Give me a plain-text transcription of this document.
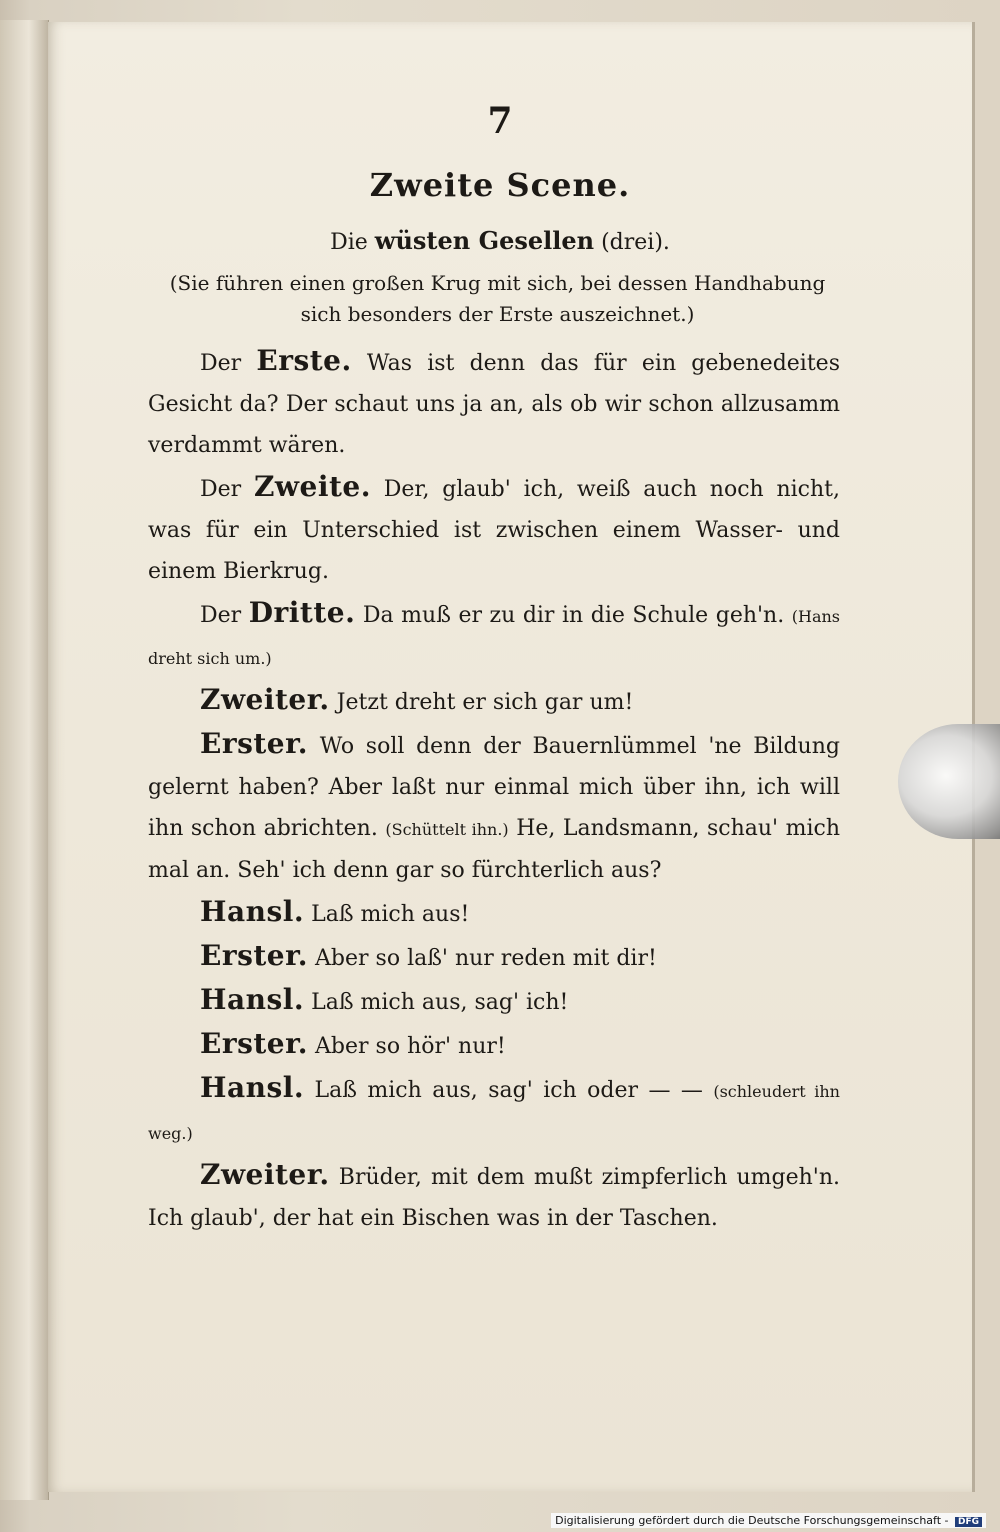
7
Zweite Scene.
Die wüsten Gesellen (drei).
(Sie führen einen großen Krug mit sich, bei dessen Handhabung sich besonders der Erste auszeichnet.)

Der Erste. Was ist denn das für ein gebenedeites Gesicht da? Der schaut uns ja an, als ob wir schon allzusamm verdammt wären.

Der Zweite. Der, glaub' ich, weiß auch noch nicht, was für ein Unterschied ist zwischen einem Wasser- und einem Bierkrug.

Der Dritte. Da muß er zu dir in die Schule geh'n. (Hans dreht sich um.)

Zweiter. Jetzt dreht er sich gar um!

Erster. Wo soll denn der Bauernlümmel 'ne Bildung gelernt haben? Aber laßt nur einmal mich über ihn, ich will ihn schon abrichten. (Schüttelt ihn.) He, Landsmann, schau' mich mal an. Seh' ich denn gar so fürchterlich aus?

Hansl. Laß mich aus!

Erster. Aber so laß' nur reden mit dir!

Hansl. Laß mich aus, sag' ich!

Erster. Aber so hör' nur!

Hansl. Laß mich aus, sag' ich oder — — (schleudert ihn weg.)

Zweiter. Brüder, mit dem mußt zimpferlich umgeh'n. Ich glaub', der hat ein Bischen was in der Taschen.

Digitalisierung gefördert durch die Deutsche Forschungsgemeinschaft - DFG
